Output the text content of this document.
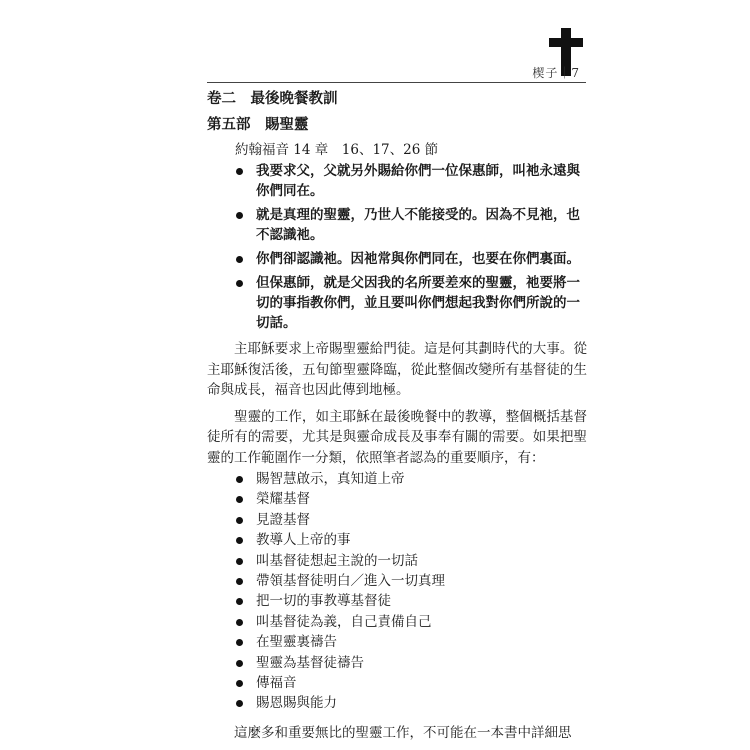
楔子｜7
卷二　最後晚餐教訓
第五部　賜聖靈
約翰福音 14 章　16、17、26 節
我要求父，父就另外賜給你們一位保惠師，叫祂永遠與你們同在。
就是真理的聖靈，乃世人不能接受的。因為不見祂，也不認識祂。
你們卻認識祂。因祂常與你們同在，也要在你們裏面。
但保惠師，就是父因我的名所要差來的聖靈，祂要將一切的事指教你們，並且要叫你們想起我對你們所說的一切話。

主耶穌要求上帝賜聖靈給門徒。這是何其劃時代的大事。從主耶穌復活後，五旬節聖靈降臨，從此整個改變所有基督徒的生命與成長，福音也因此傳到地極。

聖靈的工作，如主耶穌在最後晚餐中的教導，整個概括基督徒所有的需要，尤其是與靈命成長及事奉有關的需要。如果把聖靈的工作範圍作一分類，依照筆者認為的重要順序，有：

賜智慧啟示，真知道上帝
榮耀基督
見證基督
教導人上帝的事
叫基督徒想起主說的一切話
帶領基督徒明白／進入一切真理
把一切的事教導基督徒
叫基督徒為義，自己責備自己
在聖靈裏禱告
聖靈為基督徒禱告
傳福音
賜恩賜與能力

這麼多和重要無比的聖靈工作，不可能在一本書中詳細思
